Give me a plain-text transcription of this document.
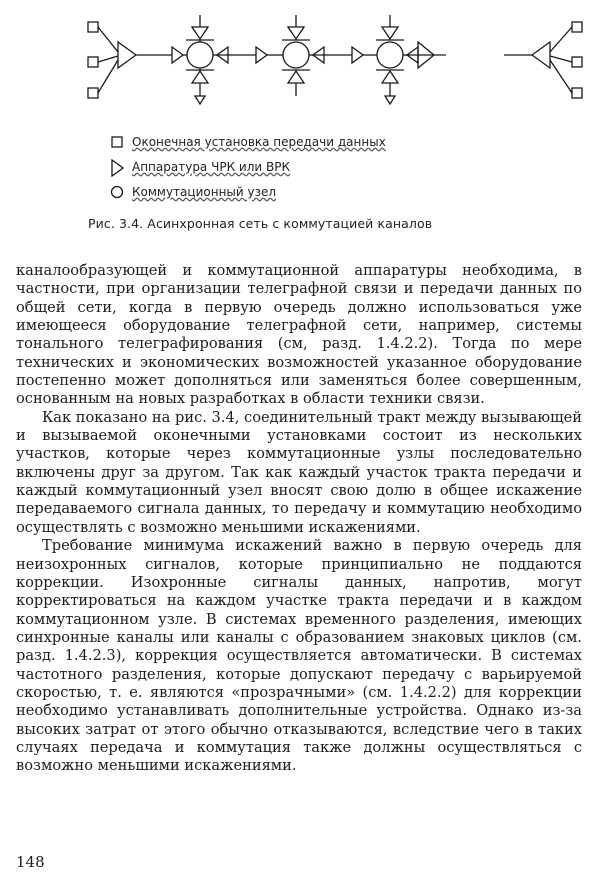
Оконечная установка передачи данных
Аппаратура ЧРК или ВРК
Коммутационный узел
Рис. 3.4. Асинхронная сеть с коммутацией каналов

каналообразующей и коммутационной аппаратуры необходима, в частности, при организации телеграфной связи и передачи данных по общей сети, когда в первую очередь должно использоваться уже имеющееся оборудование телеграфной сети, например, системы тонального телеграфирования (см, разд. 1.4.2.2). Тогда по мере технических и экономических возможностей указанное оборудование постепенно может дополняться или заменяться более совершенным, основанным на новых разработках в области техники связи.

Как показано на рис. 3.4, соединительный тракт между вызывающей и вызываемой оконечными установками состоит из нескольких участков, которые через коммутационные узлы последовательно включены друг за другом. Так как каждый участок тракта передачи и каждый коммутационный узел вносят свою долю в общее искажение передаваемого сигнала данных, то передачу и коммутацию необходимо осуществлять с возможно меньшими искажениями.

Требование минимума искажений важно в первую очередь для неизохронных сигналов, которые принципиально не поддаются коррекции. Изохронные сигналы данных, напротив, могут корректироваться на каждом участке тракта передачи и в каждом коммутационном узле. В системах временного разделения, имеющих синхронные каналы или каналы с образованием знаковых циклов (см. разд. 1.4.2.3), коррекция осуществляется автоматически. В системах частотного разделения, которые допускают передачу с варьируемой скоростью, т. е. являются «прозрачными» (см. 1.4.2.2) для коррекции необходимо устанавливать дополнительные устройства. Однако из-за высоких затрат от этого обычно отказываются, вследствие чего в таких случаях передача и коммутация также должны осуществляться с возможно меньшими искажениями.

148
